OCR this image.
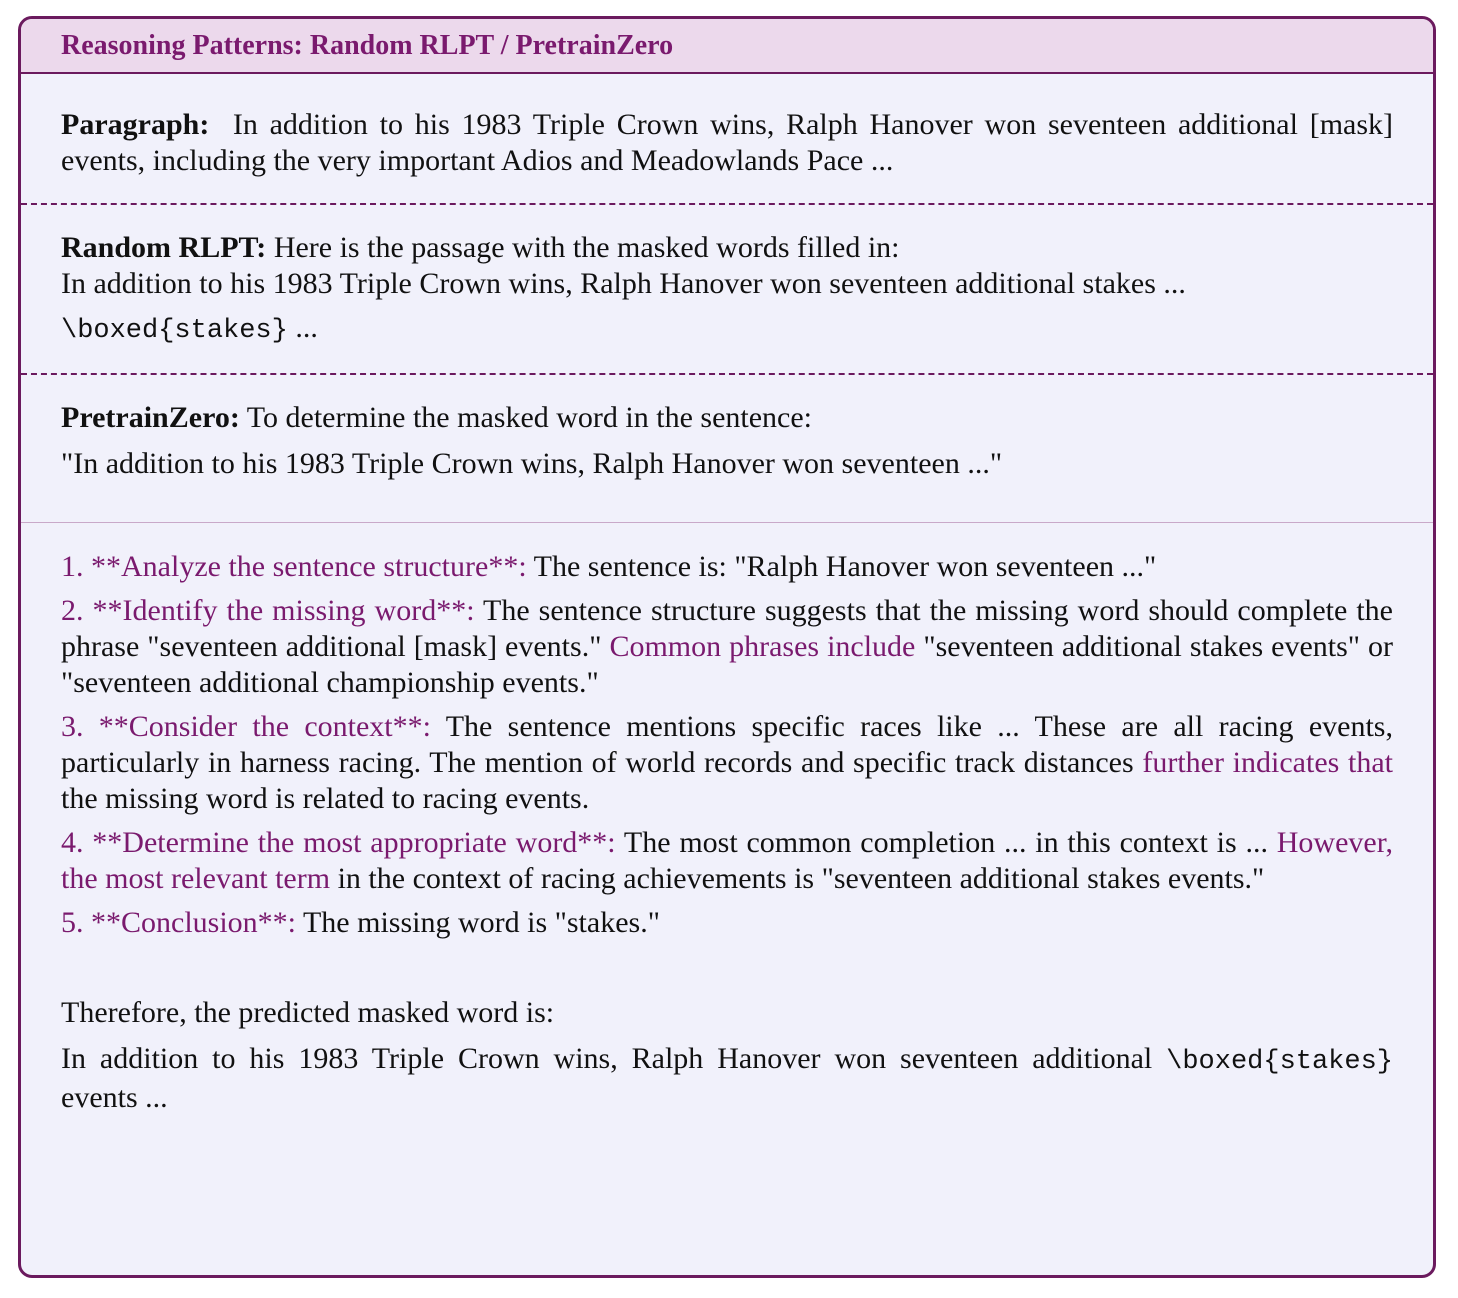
Reasoning Patterns: Random RLPT / PretrainZero

Paragraph: In addition to his 1983 Triple Crown wins, Ralph Hanover won seventeen additional [mask] events, including the very important Adios and Meadowlands Pace ...

Random RLPT: Here is the passage with the masked words filled in:

In addition to his 1983 Triple Crown wins, Ralph Hanover won seventeen additional stakes ...

\boxed{stakes} ...

PretrainZero: To determine the masked word in the sentence:

"In addition to his 1983 Triple Crown wins, Ralph Hanover won seventeen ..."

1. **Analyze the sentence structure**: The sentence is: "Ralph Hanover won seventeen ..."

2. **Identify the missing word**: The sentence structure suggests that the missing word should complete the phrase "seventeen additional [mask] events." Common phrases include "seventeen additional stakes events" or "seventeen additional championship events."

3. **Consider the context**: The sentence mentions specific races like ... These are all racing events, particularly in harness racing. The mention of world records and specific track distances further indicates that the missing word is related to racing events.

4. **Determine the most appropriate word**: The most common completion ... in this context is ... However, the most relevant term in the context of racing achievements is "seventeen additional stakes events."

5. **Conclusion**: The missing word is "stakes."

Therefore, the predicted masked word is:

In addition to his 1983 Triple Crown wins, Ralph Hanover won seventeen additional \boxed{stakes} events ...
